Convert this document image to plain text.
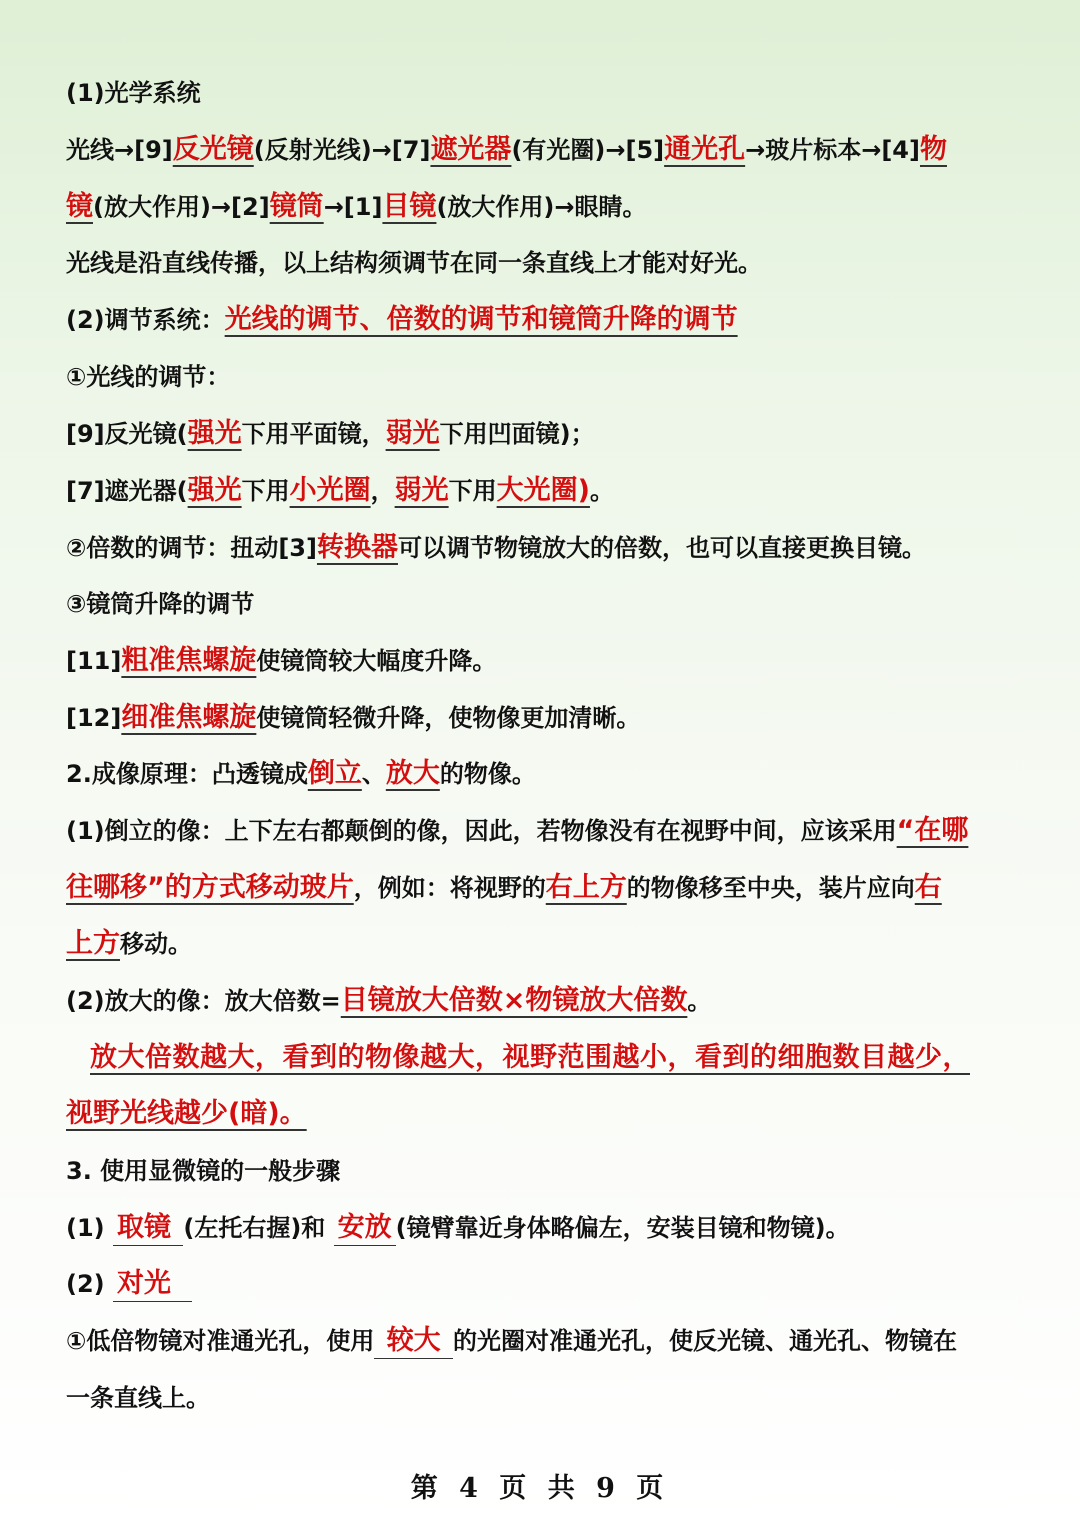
(1)光学系统
光线→[9]反光镜(反射光线)→[7]遮光器(有光圈)→[5]通光孔→玻片标本→[4]物
镜(放大作用)→[2]镜筒→[1]目镜(放大作用)→眼睛。
光线是沿直线传播，以上结构须调节在同一条直线上才能对好光。
(2)调节系统：光线的调节、倍数的调节和镜筒升降的调节
①光线的调节：
[9]反光镜(强光下用平面镜，弱光下用凹面镜)；
[7]遮光器(强光下用小光圈，弱光下用大光圈)。
②倍数的调节：扭动[3]转换器可以调节物镜放大的倍数，也可以直接更换目镜。
③镜筒升降的调节
[11]粗准焦螺旋使镜筒较大幅度升降。
[12]细准焦螺旋使镜筒轻微升降，使物像更加清晰。
2.成像原理：凸透镜成倒立、放大的物像。
(1)倒立的像：上下左右都颠倒的像，因此，若物像没有在视野中间，应该采用“在哪
往哪移”的方式移动玻片，例如：将视野的右上方的物像移至中央，装片应向右
上方移动。
(2)放大的像：放大倍数=目镜放大倍数×物镜放大倍数。
放大倍数越大，看到的物像越大，视野范围越小，看到的细胞数目越少，
视野光线越少(暗)。
3. 使用显微镜的一般步骤
(1) 取镜 (左托右握)和 安放 (镜臂靠近身体略偏左，安装目镜和物镜)。
(2) 对光
①低倍物镜对准通光孔，使用 较大 的光圈对准通光孔，使反光镜、通光孔、物镜在
一条直线上。
第 4 页 共 9 页
